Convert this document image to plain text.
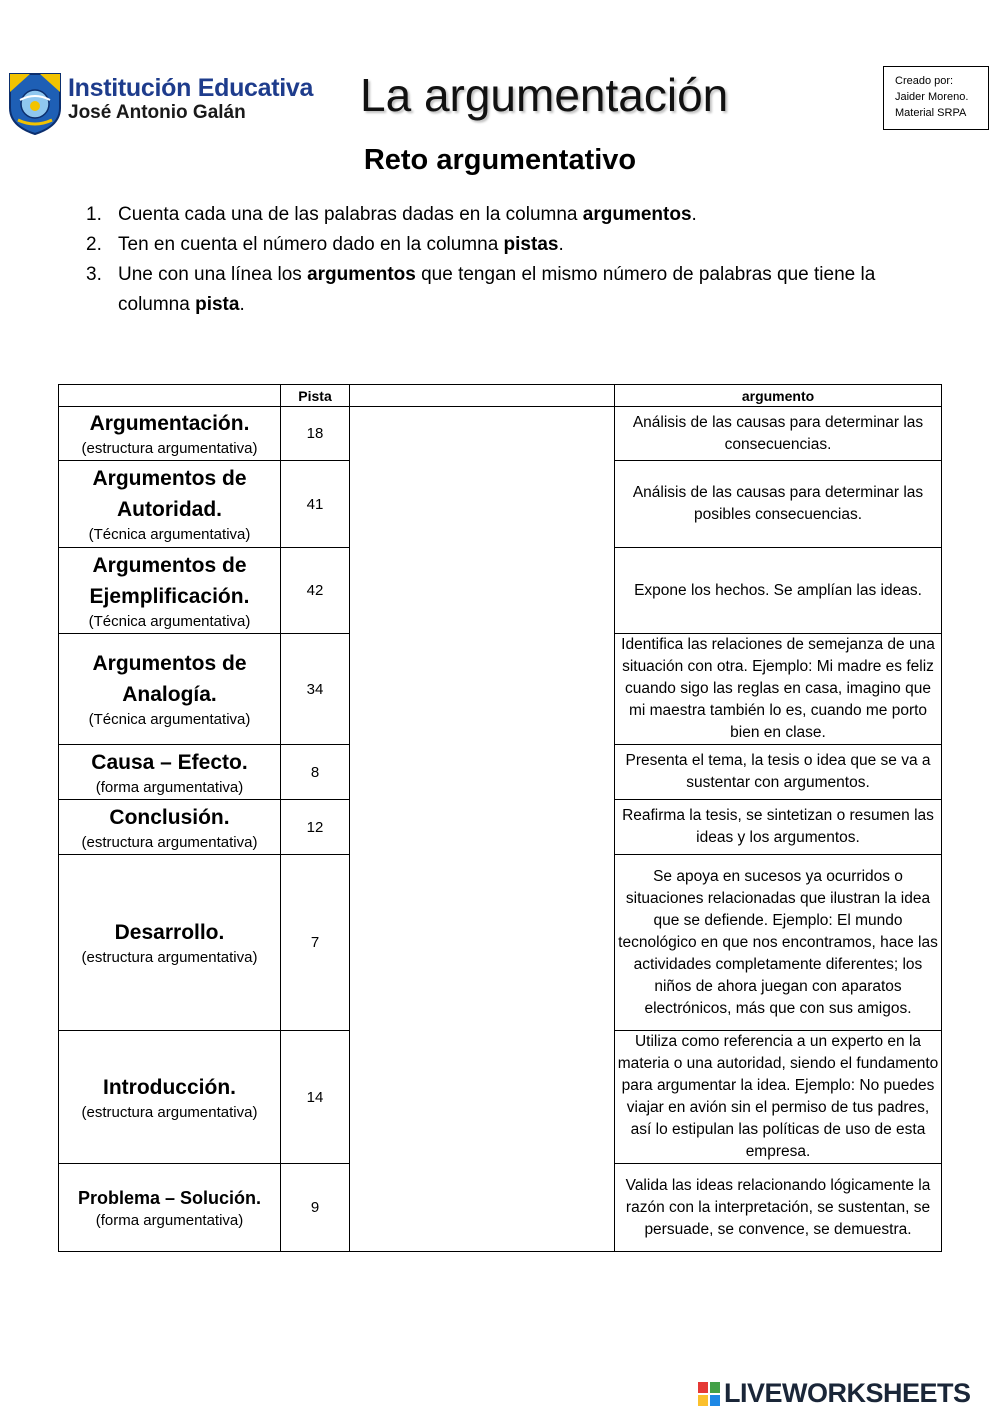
Institución Educativa
José Antonio Galán La argumentación	Creado por:
Jaider Moreno.
Material SRPA
Reto argumentativo
1. Cuenta cada una de las palabras dadas en la columna argumentos.
2. Ten en cuenta el número dado en la columna pistas.
3. Une con una línea los argumentos que tengan el mismo número de palabras que tiene la columna pista.
	Pista		argumento

Argumentación.
(estructura argumentativa)	18		Análisis de las causas para determinar las consecuencias.

Argumentos de Autoridad.
(Técnica argumentativa)	41		Análisis de las causas para determinar las posibles consecuencias.

Argumentos de Ejemplificación.
(Técnica argumentativa)	42		Expone los hechos. Se amplían las ideas.

Argumentos de Analogía.
(Técnica argumentativa)	34		Identifica las relaciones de semejanza de una situación con otra. Ejemplo: Mi madre es feliz cuando sigo las reglas en casa, imagino que mi maestra también lo es, cuando me porto bien en clase.

Causa – Efecto.
(forma argumentativa)	8		Presenta el tema, la tesis o idea que se va a sustentar con argumentos.

Conclusión.
(estructura argumentativa)	12		Reafirma la tesis, se sintetizan o resumen las ideas y los argumentos.

Desarrollo.
(estructura argumentativa)	7		Se apoya en sucesos ya ocurridos o situaciones relacionadas que ilustran la idea que se defiende. Ejemplo: El mundo tecnológico en que nos encontramos, hace las actividades completamente diferentes; los niños de ahora juegan con aparatos electrónicos, más que con sus amigos.

Introducción.
(estructura argumentativa)	14		Utiliza como referencia a un experto en la materia o una autoridad, siendo el fundamento para argumentar la idea. Ejemplo: No puedes viajar en avión sin el permiso de tus padres, así lo estipulan las políticas de uso de esta empresa.

Problema – Solución.
(forma argumentativa)	9		Valida las ideas relacionando lógicamente la razón con la interpretación, se sustentan, se persuade, se convence, se demuestra.
LIVEWORKSHEETS
